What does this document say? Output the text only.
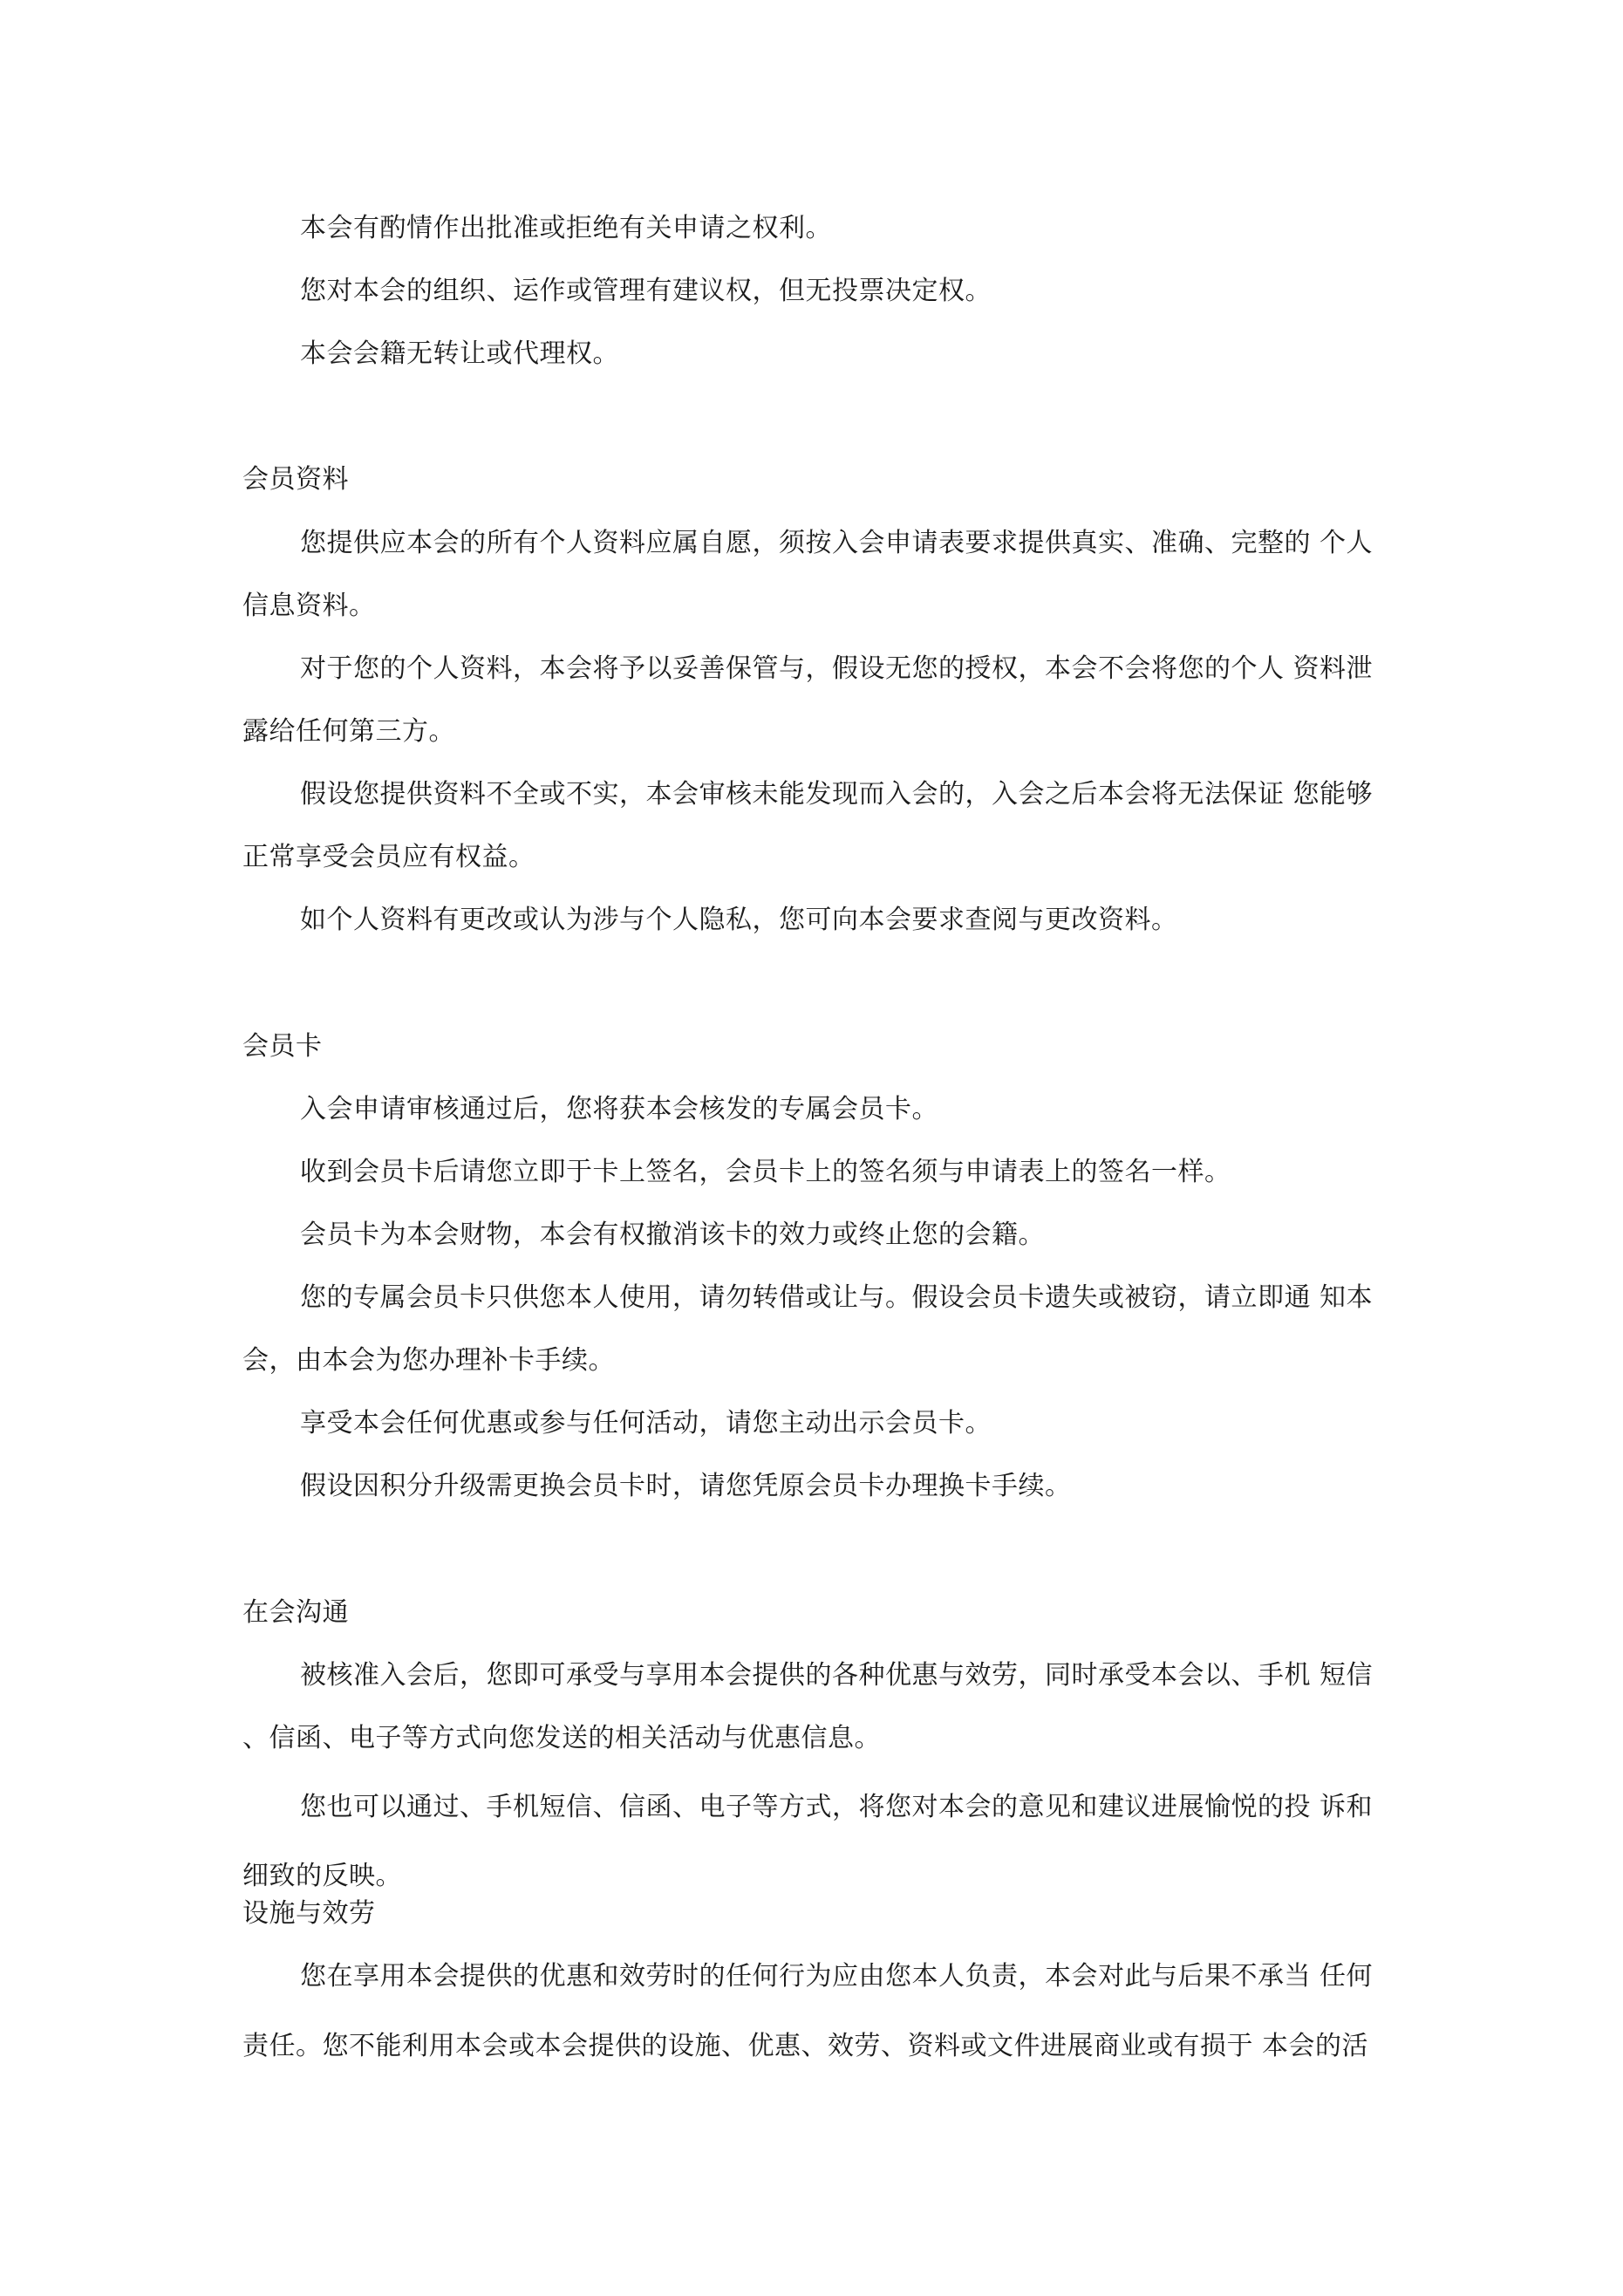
本会有酌情作出批准或拒绝有关申请之权利。

您对本会的组织、运作或管理有建议权，但无投票决定权。

本会会籍无转让或代理权。

会员资料

您提供应本会的所有个人资料应属自愿，须按入会申请表要求提供真实、准确、完整的 个人

信息资料。

对于您的个人资料，本会将予以妥善保管与，假设无您的授权，本会不会将您的个人 资料泄

露给任何第三方。

假设您提供资料不全或不实，本会审核未能发现而入会的，入会之后本会将无法保证 您能够

正常享受会员应有权益。

如个人资料有更改或认为涉与个人隐私，您可向本会要求查阅与更改资料。

会员卡

入会申请审核通过后，您将获本会核发的专属会员卡。

收到会员卡后请您立即于卡上签名，会员卡上的签名须与申请表上的签名一样。

会员卡为本会财物，本会有权撤消该卡的效力或终止您的会籍。

您的专属会员卡只供您本人使用，请勿转借或让与。假设会员卡遗失或被窃，请立即通 知本

会，由本会为您办理补卡手续。

享受本会任何优惠或参与任何活动，请您主动出示会员卡。

假设因积分升级需更换会员卡时，请您凭原会员卡办理换卡手续。

在会沟通

被核准入会后，您即可承受与享用本会提供的各种优惠与效劳，同时承受本会以、手机 短信

、信函、电子等方式向您发送的相关活动与优惠信息。

您也可以通过、手机短信、信函、电子等方式，将您对本会的意见和建议进展愉悦的投 诉和

细致的反映。

设施与效劳

您在享用本会提供的优惠和效劳时的任何行为应由您本人负责，本会对此与后果不承当 任何

责任。您不能利用本会或本会提供的设施、优惠、效劳、资料或文件进展商业或有损于 本会的活
